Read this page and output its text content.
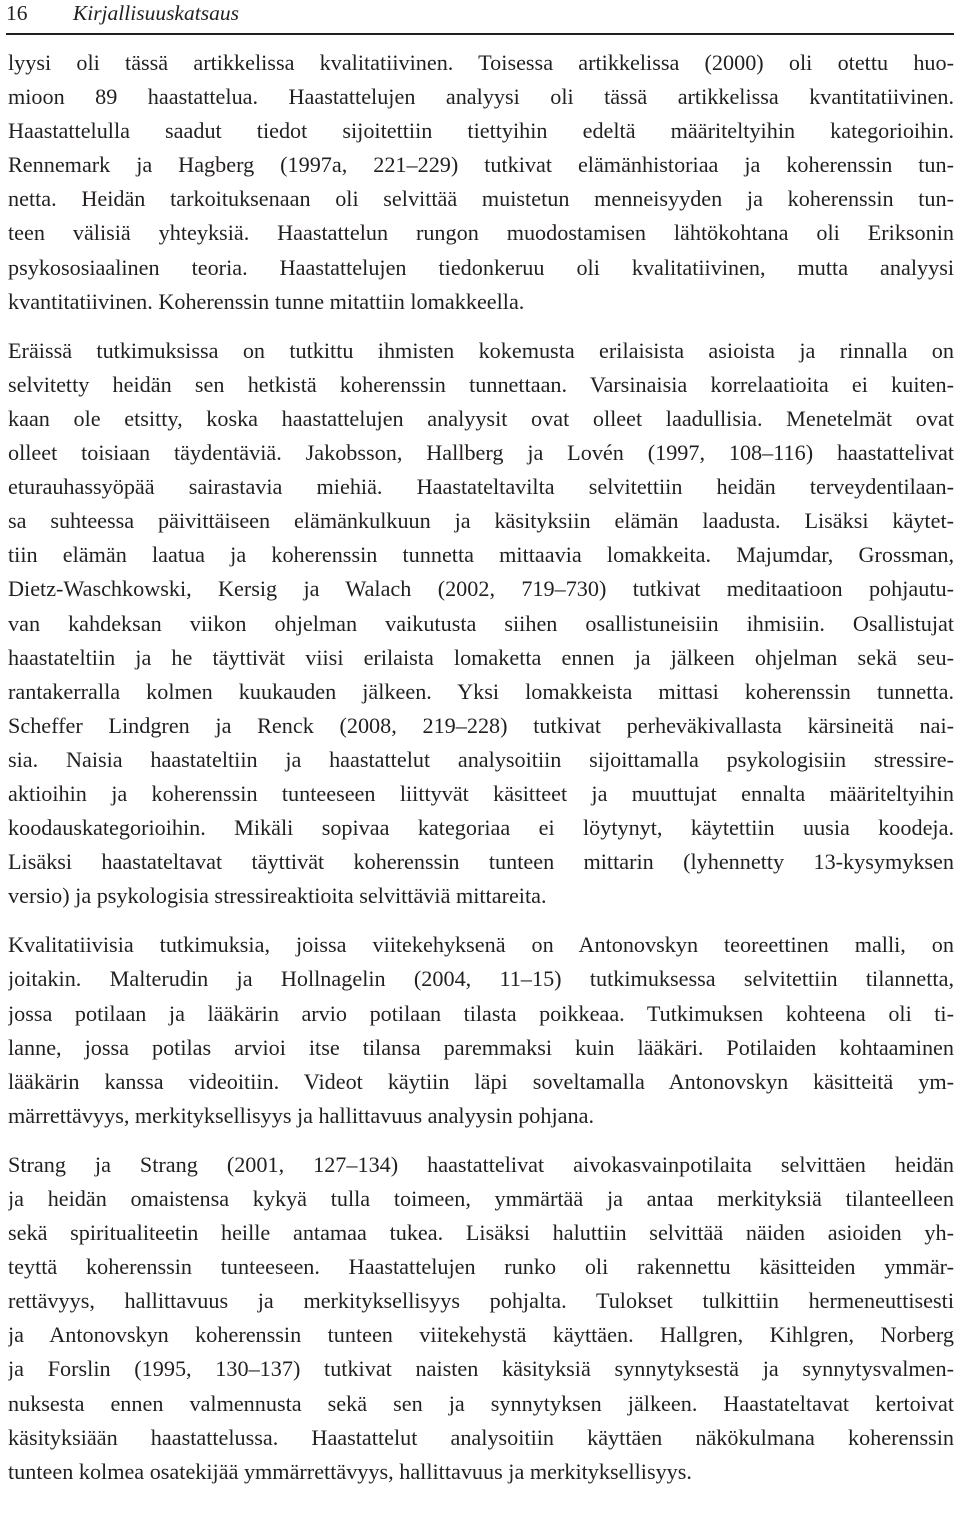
16 Kirjallisuuskatsaus
lyysi oli tässä artikkelissa kvalitatiivinen. Toisessa artikkelissa (2000) oli otettu huo-
mioon 89 haastattelua. Haastattelujen analyysi oli tässä artikkelissa kvantitatiivinen.
Haastattelulla saadut tiedot sijoitettiin tiettyihin edeltä määriteltyihin kategorioihin.
Rennemark ja Hagberg (1997a, 221–229) tutkivat elämänhistoriaa ja koherenssin tun-
netta. Heidän tarkoituksenaan oli selvittää muistetun menneisyyden ja koherenssin tun-
teen välisiä yhteyksiä. Haastattelun rungon muodostamisen lähtökohtana oli Eriksonin
psykososiaalinen teoria. Haastattelujen tiedonkeruu oli kvalitatiivinen, mutta analyysi
kvantitatiivinen. Koherenssin tunne mitattiin lomakkeella.
Eräissä tutkimuksissa on tutkittu ihmisten kokemusta erilaisista asioista ja rinnalla on
selvitetty heidän sen hetkistä koherenssin tunnettaan. Varsinaisia korrelaatioita ei kuiten-
kaan ole etsitty, koska haastattelujen analyysit ovat olleet laadullisia. Menetelmät ovat
olleet toisiaan täydentäviä. Jakobsson, Hallberg ja Lovén (1997, 108–116) haastattelivat
eturauhassyöpää sairastavia miehiä. Haastateltavilta selvitettiin heidän terveydentilaan-
sa suhteessa päivittäiseen elämänkulkuun ja käsityksiin elämän laadusta. Lisäksi käytet-
tiin elämän laatua ja koherenssin tunnetta mittaavia lomakkeita. Majumdar, Grossman,
Dietz-Waschkowski, Kersig ja Walach (2002, 719–730) tutkivat meditaatioon pohjautu-
van kahdeksan viikon ohjelman vaikutusta siihen osallistuneisiin ihmisiin. Osallistujat
haastateltiin ja he täyttivät viisi erilaista lomaketta ennen ja jälkeen ohjelman sekä seu-
rantakerralla kolmen kuukauden jälkeen. Yksi lomakkeista mittasi koherenssin tunnetta.
Scheffer Lindgren ja Renck (2008, 219–228) tutkivat perheväkivallasta kärsineitä nai-
sia. Naisia haastateltiin ja haastattelut analysoitiin sijoittamalla psykologisiin stressire-
aktioihin ja koherenssin tunteeseen liittyvät käsitteet ja muuttujat ennalta määriteltyihin
koodauskategorioihin. Mikäli sopivaa kategoriaa ei löytynyt, käytettiin uusia koodeja.
Lisäksi haastateltavat täyttivät koherenssin tunteen mittarin (lyhennetty 13-kysymyksen
versio) ja psykologisia stressireaktioita selvittäviä mittareita.
Kvalitatiivisia tutkimuksia, joissa viitekehyksenä on Antonovskyn teoreettinen malli, on
joitakin. Malterudin ja Hollnagelin (2004, 11–15) tutkimuksessa selvitettiin tilannetta,
jossa potilaan ja lääkärin arvio potilaan tilasta poikkeaa. Tutkimuksen kohteena oli ti-
lanne, jossa potilas arvioi itse tilansa paremmaksi kuin lääkäri. Potilaiden kohtaaminen
lääkärin kanssa videoitiin. Videot käytiin läpi soveltamalla Antonovskyn käsitteitä ym-
märrettävyys, merkityksellisyys ja hallittavuus analyysin pohjana.
Strang ja Strang (2001, 127–134) haastattelivat aivokasvainpotilaita selvittäen heidän
ja heidän omaistensa kykyä tulla toimeen, ymmärtää ja antaa merkityksiä tilanteelleen
sekä spiritualiteetin heille antamaa tukea. Lisäksi haluttiin selvittää näiden asioiden yh-
teyttä koherenssin tunteeseen. Haastattelujen runko oli rakennettu käsitteiden ymmär-
rettävyys, hallittavuus ja merkityksellisyys pohjalta. Tulokset tulkittiin hermeneuttisesti
ja Antonovskyn koherenssin tunteen viitekehystä käyttäen. Hallgren, Kihlgren, Norberg
ja Forslin (1995, 130–137) tutkivat naisten käsityksiä synnytyksestä ja synnytysvalmen-
nuksesta ennen valmennusta sekä sen ja synnytyksen jälkeen. Haastateltavat kertoivat
käsityksiään haastattelussa. Haastattelut analysoitiin käyttäen näkökulmana koherenssin
tunteen kolmea osatekijää ymmärrettävyys, hallittavuus ja merkityksellisyys.
